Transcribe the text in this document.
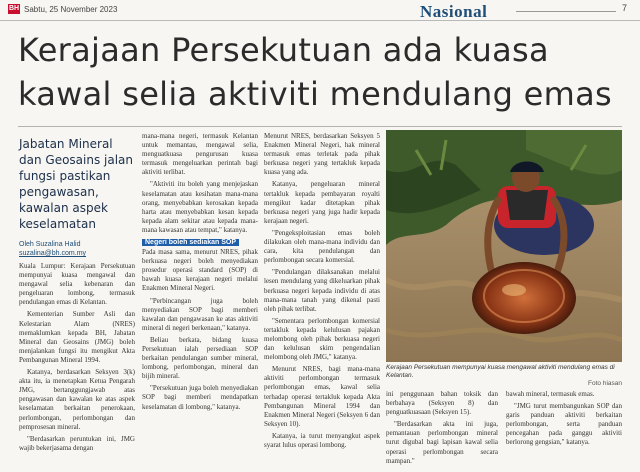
BH Sabtu, 25 November 2023	Nasional	7
Kerajaan Persekutuan ada kuasa
kawal selia aktiviti mendulang emas
Jabatan Mineral dan Geosains jalan fungsi pastikan pengawasan, kawalan aspek keselamatan
Oleh Suzalina Halid
suzalina@bh.com.my

Kuala Lumpur: Kerajaan Persekutuan mempunyai kuasa mengawal dan mengawal selia kebenaran dan pengeluaran lombong, termasuk pendulangan emas di Kelantan.

Kementerian Sumber Asli dan Kelestarian Alam (NRES) memaklumkan kepada BH, Jabatan Mineral dan Geosains (JMG) boleh menjalankan fungsi itu mengikut Akta Pembangunan Mineral 1994.

Katanya, berdasarkan Seksyen 3(k) akta itu, ia menetapkan Ketua Pengarah JMG, bertanggungjawab atas pengawasan dan kawalan ke atas aspek keselamatan berkaitan penerokaan, perlombongan, perlombongan dan pemprosesan mineral.

"Berdasarkan peruntukan ini, JMG wajib bekerjasama dengan

mana-mana negeri, termasuk Kelantan untuk memantau, mengawal selia, menguatkuasa pengurusan kuasa termasuk mengeluarkan perintah bagi aktiviti terlibat.

"Aktiviti itu boleh yang menjejaskan keselamatan atau kesihatan mana-mana orang, menyebabkan kerosakan kepada harta atau menyebabkan kesan kepada kepada alam sekitar atau kepada mana-mana kawasan atau tempat," katanya.

Negeri boleh sediakan SOP

Pada masa sama, menurut NRES, pihak berkuasa negeri boleh menyediakan prosedur operasi standard (SOP) di bawah kuasa kerajaan negeri melalui Enakmen Mineral Negeri.

"Perbincangan juga boleh menyediakan SOP bagi memberi kawalan dan pengawasan ke atas aktiviti mineral di negeri berkenaan," katanya.

Beliau berkata, bidang kuasa Persekutuan ialah persediaan SOP berkaitan pendulangan sumber mineral, lombong, perlombongan, mineral dan bijih mineral.

"Persekutuan juga boleh menyediakan SOP bagi memberi mendapatkan keselamatan di lombong," katanya.

Menurut NRES, berdasarkan Seksyen 5 Enakmen Mineral Negeri, hak mineral termasuk emas terletak pada pihak berkuasa negeri yang tertakluk kepada kuasa yang ada.

Katanya, pengeluaran mineral tertakluk kepada pembayaran royalti mengikut kadar ditetapkan pihak berkuasa negeri yang juga hadir kepada kerajaan negeri.

"Pengeksploitasian emas boleh dilakukan oleh mana-mana individu dan cara, kita pendulangan dan perlombongan secara komersial.

"Pendulangan dilaksanakan melalui lesen mendulang yang dikeluarkan pihak berkuasa negeri kepada individu di atas mana-mana tanah yang dikenal pasti oleh pihak terlibat.

"Sementara perlombongan komersial tertakluk kepada kelulusan pajakan melombong oleh pihak berkuasa negeri dan kelulusan skim pengendalian melombong oleh JMG," katanya.

Menurut NRES, bagi mana-mana aktiviti perlombongan termasuk perlombongan emas, kawal selia terhadap operasi tertakluk kepada Akta Pembangunan Mineral 1994 dan Enakmen Mineral Negeri (Seksyen 6 dan Seksyen 10).

Katanya, ia turut menyangkut aspek syarat lulus operasi lombong.

Kerajaan Persekutuan mempunyai kuasa mengawal aktiviti mendulang emas di Kelantan.
Foto hiasan

ini penggunaan bahan toksik dan berbahaya (Seksyen 8) dan penguatkuasaan (Seksyen 15).

"Berdasarkan akta ini juga, pemantauan perlombongan mineral turut digubal bagi lapisan kawal selia operasi perlombongan secara mampan."

bawah mineral, termasuk emas.

"JMG turut membangunkan SOP dan garis panduan aktiviti berkaitan perlombongan, serta panduan pencegahan pada ganggu aktiviti berlorong gengsian," katanya.
